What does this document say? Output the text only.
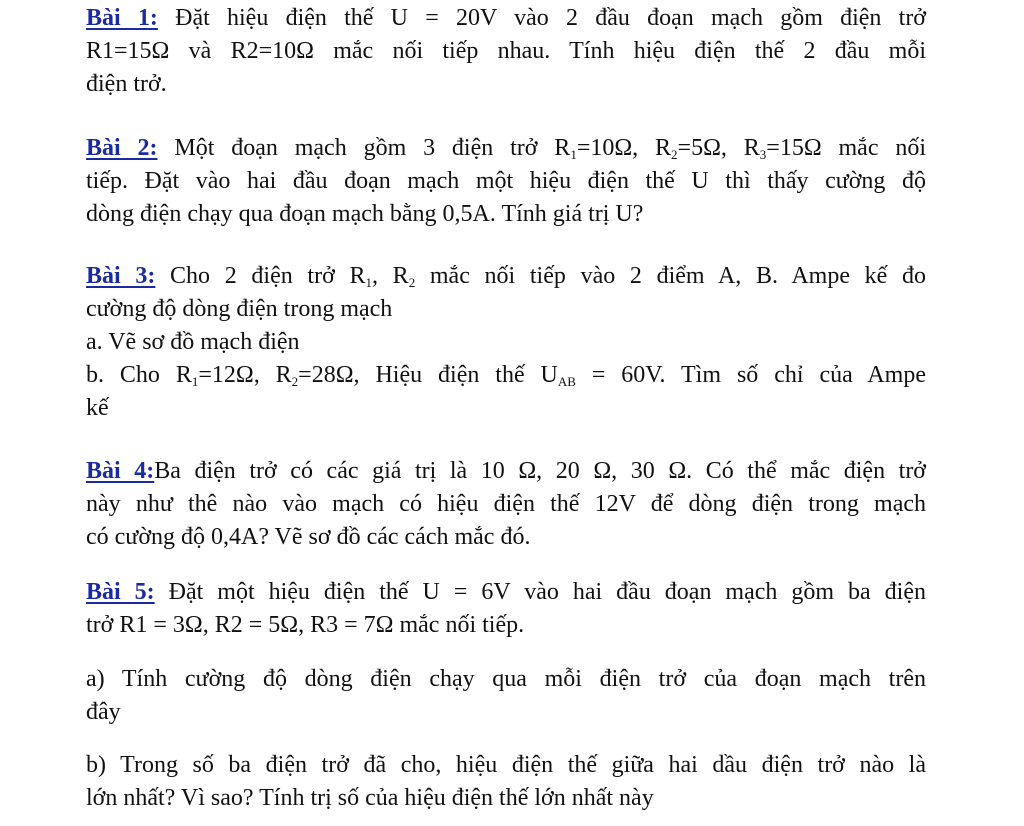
Bài 1: Đặt hiệu điện thế U = 20V vào 2 đầu đoạn mạch gồm điện trở
R1=15Ω và R2=10Ω mắc nối tiếp nhau. Tính hiệu điện thế 2 đầu mỗi
điện trở.
Bài 2: Một đoạn mạch gồm 3 điện trở $R_1=10\Omega$, $R_2=5\Omega$, $R_3=15\Omega$ mắc nối
tiếp. Đặt vào hai đầu đoạn mạch một hiệu điện thế U thì thấy cường độ
dòng điện chạy qua đoạn mạch bằng 0,5A. Tính giá trị U?
Bài 3: Cho 2 điện trở $R_1$, $R_2$ mắc nối tiếp vào 2 điểm A, B. Ampe kế đo
cường độ dòng điện trong mạch
a. Vẽ sơ đồ mạch điện
b. Cho $R_1=12\Omega$, $R_2=28\Omega$, Hiệu điện thế $U_{AB} = 60V$. Tìm số chỉ của Ampe
kế
Bài 4:Ba điện trở có các giá trị là 10 Ω, 20 Ω, 30 Ω. Có thể mắc điện trở
này như thê nào vào mạch có hiệu điện thế 12V để dòng điện trong mạch
có cường độ 0,4A? Vẽ sơ đồ các cách mắc đó.
Bài 5: Đặt một hiệu điện thế U = 6V vào hai đầu đoạn mạch gồm ba điện
trở R1 = 3Ω, R2 = 5Ω, R3 = 7Ω mắc nối tiếp.
a) Tính cường độ dòng điện chạy qua mỗi điện trở của đoạn mạch trên
đây
b) Trong số ba điện trở đã cho, hiệu điện thế giữa hai dầu điện trở nào là
lớn nhất? Vì sao? Tính trị số của hiệu điện thế lớn nhất này
